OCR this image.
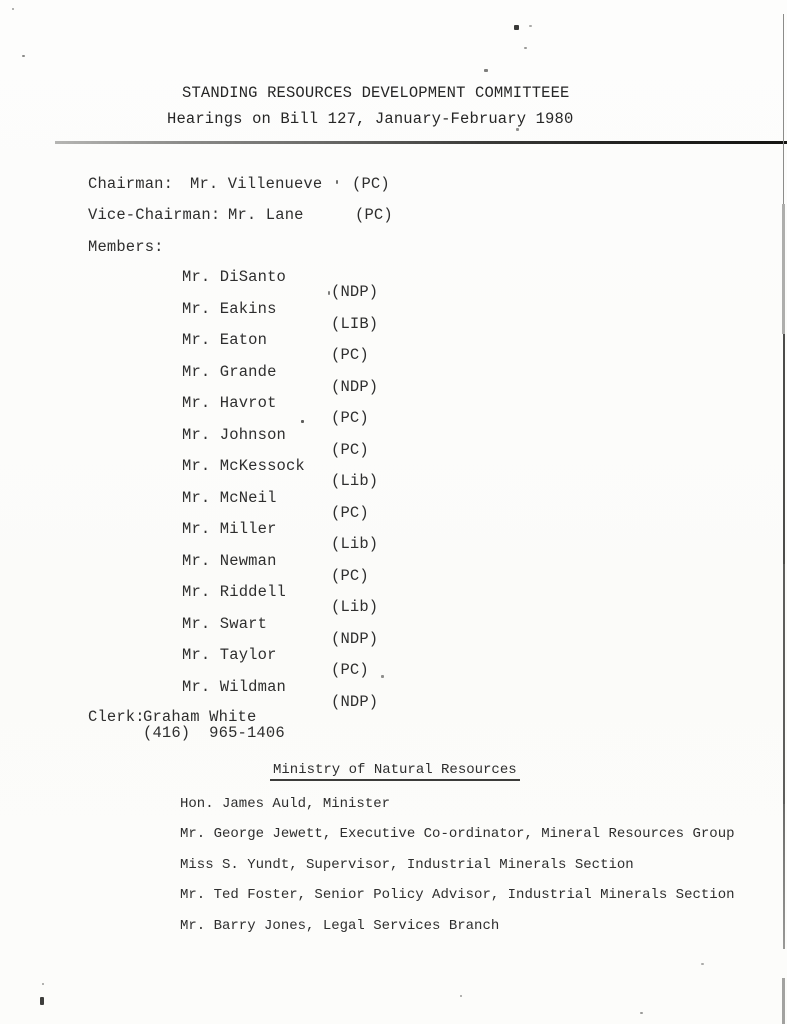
STANDING RESOURCES DEVELOPMENT COMMITTEEE
Hearings on Bill 127, January-February 1980
Chairman: Mr. Villenueve (PC)
Vice-Chairman: Mr. Lane	(PC)
Members:

Mr. DiSanto

(NDP)

Mr. Eakins

(LIB)

Mr. Eaton

(PC)

Mr. Grande

(NDP)

Mr. Havrot

(PC)

Mr. Johnson

(PC)

Mr. McKessock

(Lib)

Mr. McNeil

(PC)

Mr. Miller

(Lib)

Mr. Newman

(PC)

Mr. Riddell

(Lib)

Mr. Swart

(NDP)

Mr. Taylor

(PC)

Mr. Wildman

(NDP)

Clerk:
Graham White
(416)  965-1406
Ministry of Natural Resources
Hon. James Auld, Minister
Mr. George Jewett, Executive Co-ordinator, Mineral Resources Group
Miss S. Yundt, Supervisor, Industrial Minerals Section
Mr. Ted Foster, Senior Policy Advisor, Industrial Minerals Section
Mr. Barry Jones, Legal Services Branch
